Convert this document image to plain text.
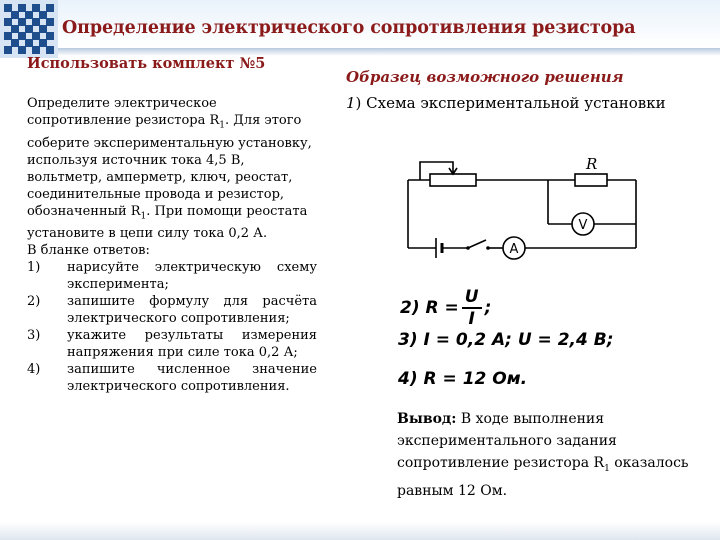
Определение электрического сопротивления резистора
Использовать комплект №5

Определите электрическое сопротивление резистора $R_1$. Для этого соберите экспериментальную установку, используя источник тока 4,5 В, вольтметр, амперметр, ключ, реостат, соединительные провода и резистор, обозначенный $R_1$. При помощи реостата установите в цепи силу тока 0,2 А.

В бланке ответов:

1)	нарисуйте электрическую схему эксперимента;
2)	запишите формулу для расчёта электрического сопротивления;
3)	укажите результаты измерения напряжения при силе тока 0,2 А;
4)	запишите численное значение электрического сопротивления.
Образец возможного решения
1) Схема экспериментальной установки
R
V
A
2) $R = \frac{U}{I}$ ;
3) I = 0,2 А; U = 2,4 В;
4) R = 12 Ом.
Вывод: В ходе выполнения экспериментального задания сопротивление резистора $R_1$ оказалось равным 12 Ом.
